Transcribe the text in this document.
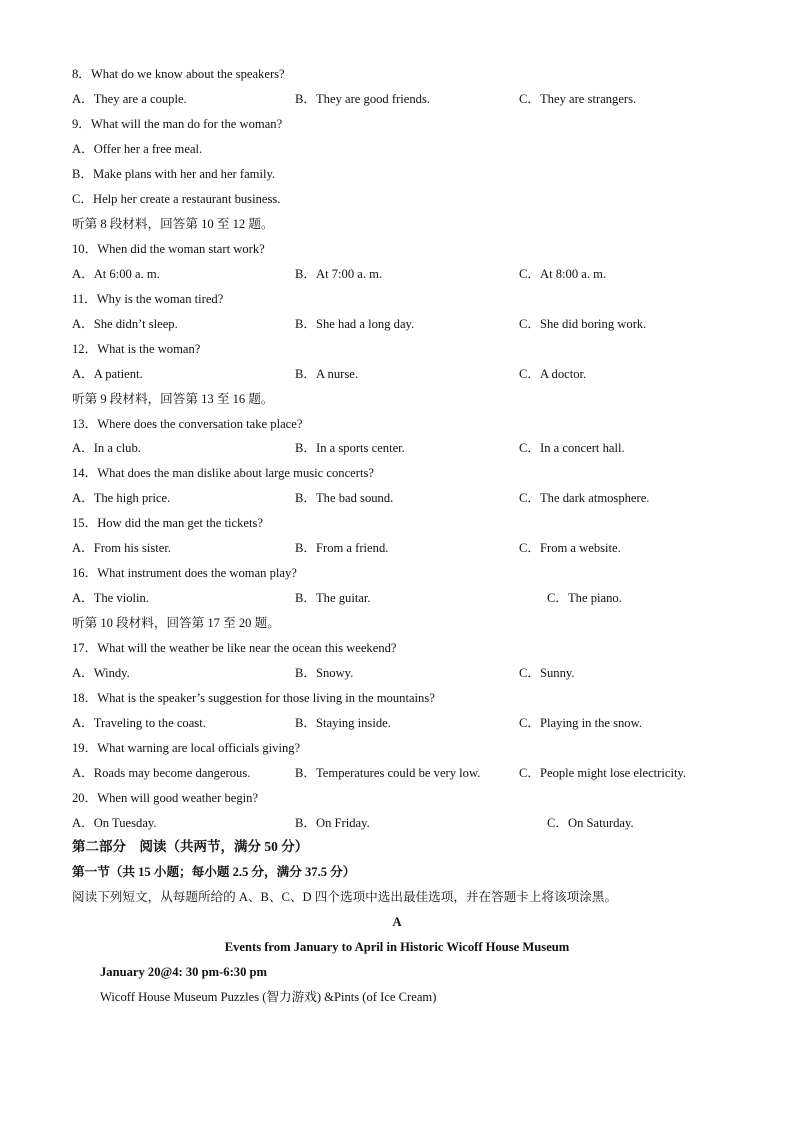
8．What do we know about the speakers?
A．They are a couple.	B．They are good friends.	C．They are strangers.
9．What will the man do for the woman?
A．Offer her a free meal.
B．Make plans with her and her family.
C．Help her create a restaurant business.
听第 8 段材料，回答第 10 至 12 题。
10．When did the woman start work?
A．At 6:00 a. m.	B．At 7:00 a. m.	C．At 8:00 a. m.
11．Why is the woman tired?
A．She didn’t sleep.	B．She had a long day.	C．She did boring work.
12．What is the woman?
A．A patient.	B．A nurse.	C．A doctor.
听第 9 段材料，回答第 13 至 16 题。
13．Where does the conversation take place?
A．In a club.	B．In a sports center.	C．In a concert hall.
14．What does the man dislike about large music concerts?
A．The high price.	B．The bad sound.	C．The dark atmosphere.
15．How did the man get the tickets?
A．From his sister.	B．From a friend.	C．From a website.
16．What instrument does the woman play?
A．The violin.	B．The guitar.	C．The piano.
听第 10 段材料，回答第 17 至 20 题。
17．What will the weather be like near the ocean this weekend?
A．Windy.	B．Snowy.	C．Sunny.
18．What is the speaker’s suggestion for those living in the mountains?
A．Traveling to the coast.	B．Staying inside.	C．Playing in the snow.
19．What warning are local officials giving?
A．Roads may become dangerous.	B．Temperatures could be very low.	C．People might lose electricity.
20．When will good weather begin?
A．On Tuesday.	B．On Friday.	C．On Saturday.
第二部分　阅读（共两节，满分 50 分）
第一节（共 15 小题；每小题 2.5 分，满分 37.5 分）
阅读下列短文，从每题所给的 A、B、C、D 四个选项中选出最佳选项，并在答题卡上将该项涂黑。
A
Events from January to April in Historic Wicoff House Museum
January 20@4: 30 pm-6:30 pm
Wicoff House Museum Puzzles (智力游戏) &Pints (of Ice Cream)
